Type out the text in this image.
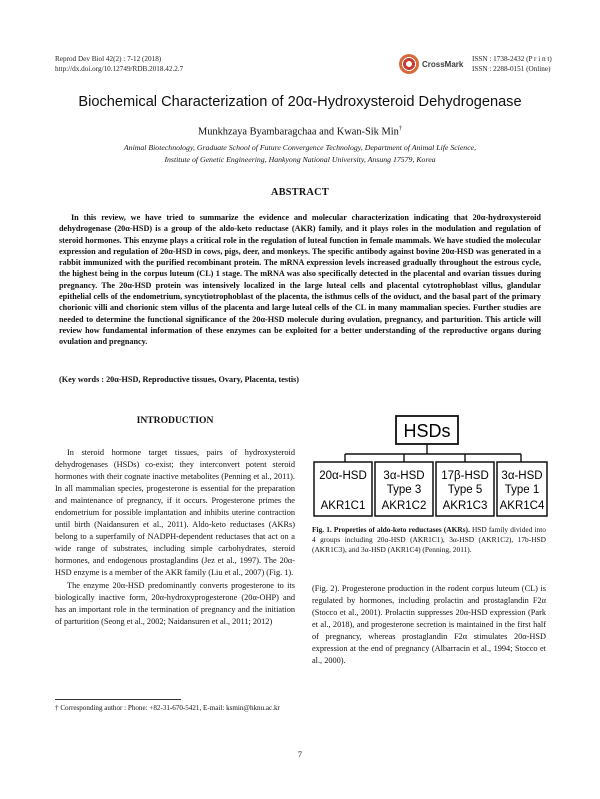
Reprod Dev Biol 42(2) : 7-12 (2018)
http://dx.doi.org/10.12749/RDB.2018.42.2.7	CrossMark
ISSN : 1738-2432 (P r i n t)
ISSN : 2288-0151 (Online)
Biochemical Characterization of 20α-Hydroxysteroid Dehydrogenase
Munkhzaya Byambaragchaa and Kwan-Sik Min†
Animal Biotechnology, Graduate School of Future Convergence Technology, Department of Animal Life Science,
Institute of Genetic Engineering, Hankyong National University, Ansung 17579, Korea
ABSTRACT
In this review, we have tried to summarize the evidence and molecular characterization indicating that 20α-hydroxysteroid dehydrogenase (20α-HSD) is a group of the aldo-keto reductase (AKR) family, and it plays roles in the modulation and regulation of steroid hormones. This enzyme plays a critical role in the regulation of luteal function in female mammals. We have studied the molecular expression and regulation of 20α-HSD in cows, pigs, deer, and monkeys. The specific antibody against bovine 20α-HSD was generated in a rabbit immunized with the purified recombinant protein. The mRNA expression levels increased gradually throughout the estrous cycle, the highest being in the corpus luteum (CL) 1 stage. The mRNA was also specifically detected in the placental and ovarian tissues during pregnancy. The 20α-HSD protein was intensively localized in the large luteal cells and placental cytotrophoblast villus, glandular epithelial cells of the endometrium, syncytiotrophoblast of the placenta, the isthmus cells of the oviduct, and the basal part of the primary chorionic villi and chorionic stem villus of the placenta and large luteal cells of the CL in many mammalian species. Further studies are needed to determine the functional significance of the 20α-HSD molecule during ovulation, pregnancy, and parturition. This article will review how fundamental information of these enzymes can be exploited for a better understanding of the reproductive organs during ovulation and pregnancy.
(Key words : 20α-HSD, Reproductive tissues, Ovary, Placenta, testis)
INTRODUCTION

In steroid hormone target tissues, pairs of hydroxysteroid dehydrogenases (HSDs) co-exist; they interconvert potent steroid hormones with their cognate inactive metabolites (Penning et al., 2011). In all mammalian species, progesterone is essential for the preparation and maintenance of pregnancy, if it occurs. Progesterone primes the endometrium for possible implantation and inhibits uterine contraction until birth (Naidansuren et al., 2011). Aldo-keto reductases (AKRs) belong to a superfamily of NADPH-dependent reductases that act on a wide range of substrates, including simple carbohydrates, steroid hormones, and endogenous prostaglandins (Jez et al., 1997). The 20α-HSD enzyme is a member of the AKR family (Liu et al., 2007) (Fig. 1).

The enzyme 20α-HSD predominantly converts progesterone to its biologically inactive form, 20α-hydroxyprogesterone (20α-OHP) and has an important role in the termination of pregnancy and the initiation of parturition (Seong et al., 2002; Naidansuren et al., 2011; 2012)

HSDs
20α-HSD
AKR1C1
3α-HSD
Type 3
AKR1C2
17β-HSD
Type 5
AKR1C3
3α-HSD
Type 1
AKR1C4
Fig. 1. Properties of aldo-keto reductases (AKRs). HSD family divided into 4 groups including 20α-HSD (AKR1C1), 3α-HSD (AKR1C2), 17b-HSD (AKR1C3), and 3α-HSD (AKR1C4) (Penning, 2011).

(Fig. 2). Progesterone production in the rodent corpus luteum (CL) is regulated by hormones, including prolactin and prostaglandin F2α (Stocco et al., 2001). Prolactin suppresses 20α-HSD expression (Park et al., 2018), and progesterone secretion is maintained in the first half of pregnancy, whereas prostaglandin F2α stimulates 20α-HSD expression at the end of pregnancy (Albarracin et al., 1994; Stocco et al., 2000).

† Corresponding author : Phone: +82-31-670-5421, E-mail: ksmin@hknu.ac.kr
7
